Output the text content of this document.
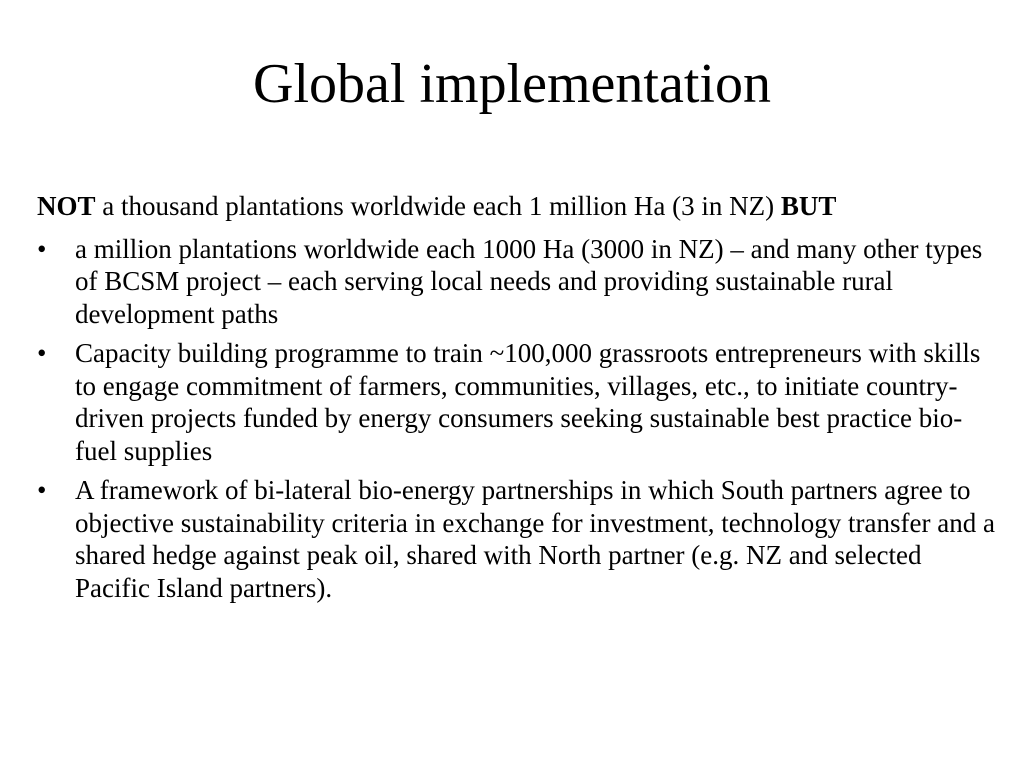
Global implementation

NOT a thousand plantations worldwide each 1 million Ha (3 in NZ) BUT

• a million plantations worldwide each 1000 Ha (3000 in NZ) – and many other types of BCSM project – each serving local needs and providing sustainable rural development paths
• Capacity building programme to train ~100,000 grassroots entrepreneurs with skills to engage commitment of farmers, communities, villages, etc., to initiate country-driven projects funded by energy consumers seeking sustainable best practice bio-fuel supplies
• A framework of bi-lateral bio-energy partnerships in which South partners agree to objective sustainability criteria in exchange for investment, technology transfer and a shared hedge against peak oil, shared with North partner (e.g. NZ and selected Pacific Island partners).
